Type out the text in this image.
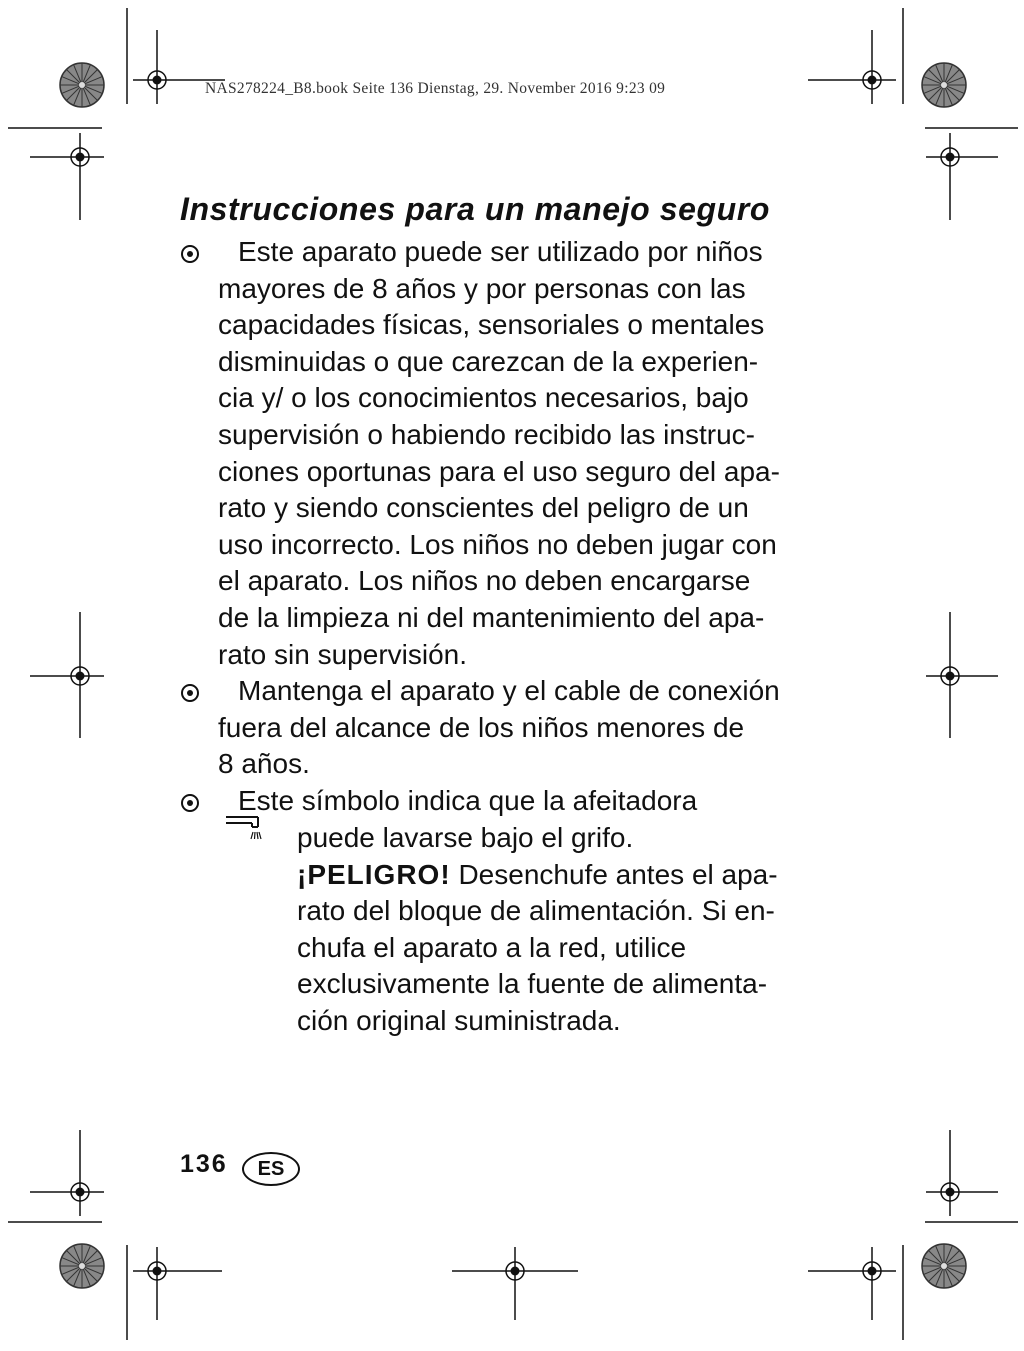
NAS278224_B8.book Seite 136 Dienstag, 29. November 2016 9:23 09
Instrucciones para un manejo seguro
Este aparato puede ser utilizado por niños
mayores de 8 años y por personas con las
capacidades físicas, sensoriales o mentales
disminuidas o que carezcan de la experien-
cia y/ o los conocimientos necesarios, bajo
supervisión o habiendo recibido las instruc-
ciones oportunas para el uso seguro del apa-
rato y siendo conscientes del peligro de un
uso incorrecto. Los niños no deben jugar con
el aparato. Los niños no deben encargarse
de la limpieza ni del mantenimiento del apa-
rato sin supervisión.
Mantenga el aparato y el cable de conexión
fuera del alcance de los niños menores de
8 años.
Este símbolo indica que la afeitadora
puede lavarse bajo el grifo.
¡PELIGRO! Desenchufe antes el apa-
rato del bloque de alimentación. Si en-
chufa el aparato a la red, utilice
exclusivamente la fuente de alimenta-
ción original suministrada.
136	ES
